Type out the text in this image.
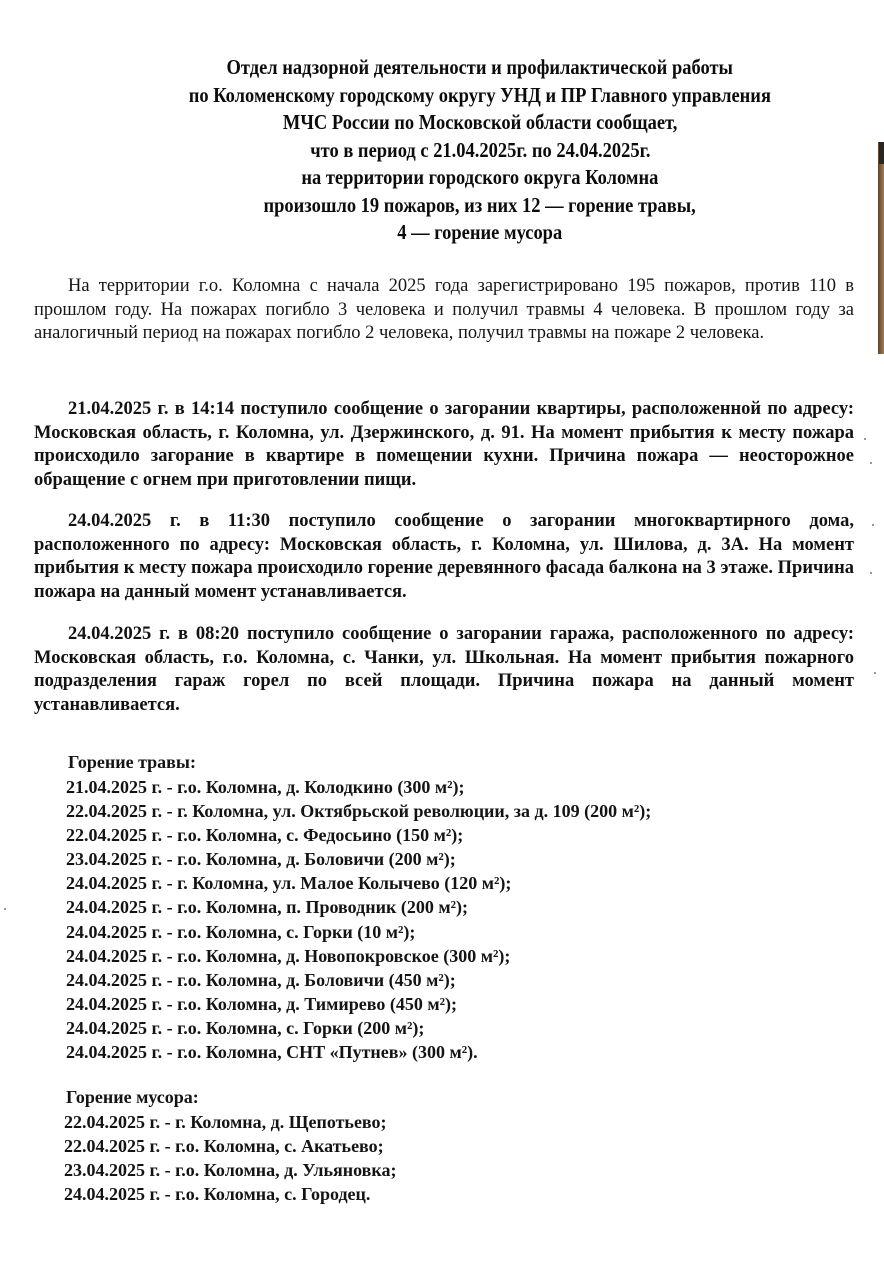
Отдел надзорной деятельности и профилактической работы
по Коломенскому городскому округу УНД и ПР Главного управления
МЧС России по Московской области сообщает,
что в период с 21.04.2025г. по 24.04.2025г.
на территории городского округа Коломна
произошло 19 пожаров, из них 12 — горение травы,
4 — горение мусора

На территории г.о. Коломна с начала 2025 года зарегистрировано 195 пожаров, против 110 в прошлом году. На пожарах погибло 3 человека и получил травмы 4 человека. В прошлом году за аналогичный период на пожарах погибло 2 человека, получил травмы на пожаре 2 человека.

21.04.2025 г. в 14:14 поступило сообщение о загорании квартиры, расположенной по адресу: Московская область, г. Коломна, ул. Дзержинского, д. 91. На момент прибытия к месту пожара происходило загорание в квартире в помещении кухни. Причина пожара — неосторожное обращение с огнем при приготовлении пищи.

24.04.2025 г. в 11:30 поступило сообщение о загорании многоквартирного дома, расположенного по адресу: Московская область, г. Коломна, ул. Шилова, д. 3А. На момент прибытия к месту пожара происходило горение деревянного фасада балкона на 3 этаже. Причина пожара на данный момент устанавливается.

24.04.2025 г. в 08:20 поступило сообщение о загорании гаража, расположенного по адресу: Московская область, г.о. Коломна, с. Чанки, ул. Школьная. На момент прибытия пожарного подразделения гараж горел по всей площади. Причина пожара на данный момент устанавливается.

Горение травы:
21.04.2025 г. - г.о. Коломна, д. Колодкино (300 м²);
22.04.2025 г. - г. Коломна, ул. Октябрьской революции, за д. 109 (200 м²);
22.04.2025 г. - г.о. Коломна, с. Федосьино (150 м²);
23.04.2025 г. - г.о. Коломна, д. Боловичи (200 м²);
24.04.2025 г. - г. Коломна, ул. Малое Колычево (120 м²);
24.04.2025 г. - г.о. Коломна, п. Проводник (200 м²);
24.04.2025 г. - г.о. Коломна, с. Горки (10 м²);
24.04.2025 г. - г.о. Коломна, д. Новопокровское (300 м²);
24.04.2025 г. - г.о. Коломна, д. Боловичи (450 м²);
24.04.2025 г. - г.о. Коломна, д. Тимирево (450 м²);
24.04.2025 г. - г.о. Коломна, с. Горки (200 м²);
24.04.2025 г. - г.о. Коломна, СНТ «Путнев» (300 м²).
Горение мусора:
22.04.2025 г. - г. Коломна, д. Щепотьево;
22.04.2025 г. - г.о. Коломна, с. Акатьево;
23.04.2025 г. - г.о. Коломна, д. Ульяновка;
24.04.2025 г. - г.о. Коломна, с. Городец.
